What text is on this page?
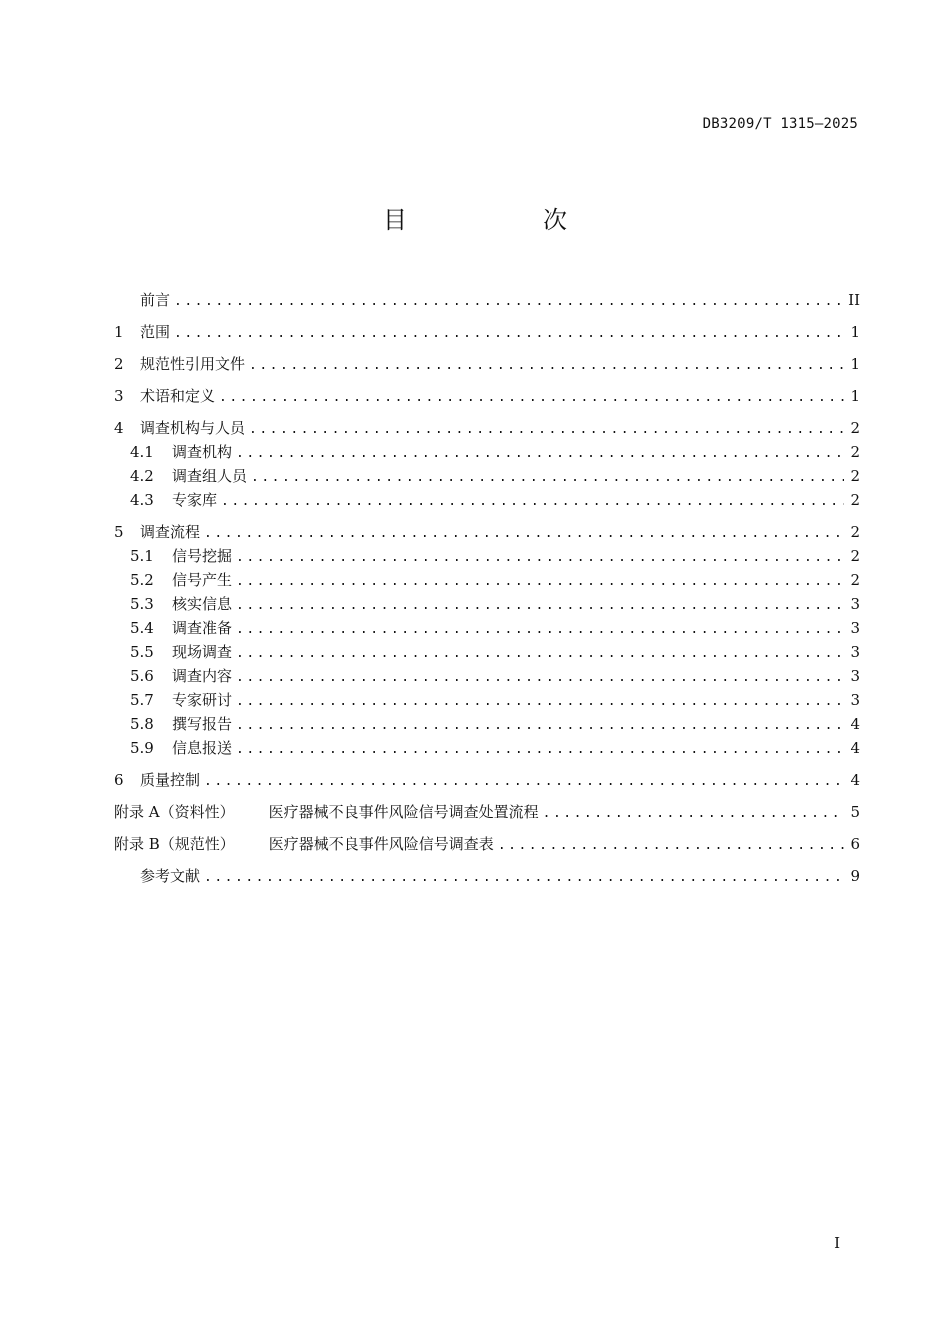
DB3209/T 1315—2025
目　次
前言 .....	II
1	范围 .....	1
2	规范性引用文件 .....	1
3	术语和定义 .....	1
4	调查机构与人员 .....	2
4.1	调查机构 .....	2
4.2	调查组人员 .....	2
4.3	专家库 .....	2
5	调查流程 .....	2
5.1	信号挖掘 .....	2
5.2	信号产生 .....	2
5.3	核实信息 .....	3
5.4	调查准备 .....	3
5.5	现场调查 .....	3
5.6	调查内容 .....	3
5.7	专家研讨 .....	3
5.8	撰写报告 .....	4
5.9	信息报送 .....	4
6	质量控制 .....	4
附录 A（资料性） 医疗器械不良事件风险信号调查处置流程 .....	5
附录 B（规范性） 医疗器械不良事件风险信号调查表 .....	6
参考文献 .....	9
I
